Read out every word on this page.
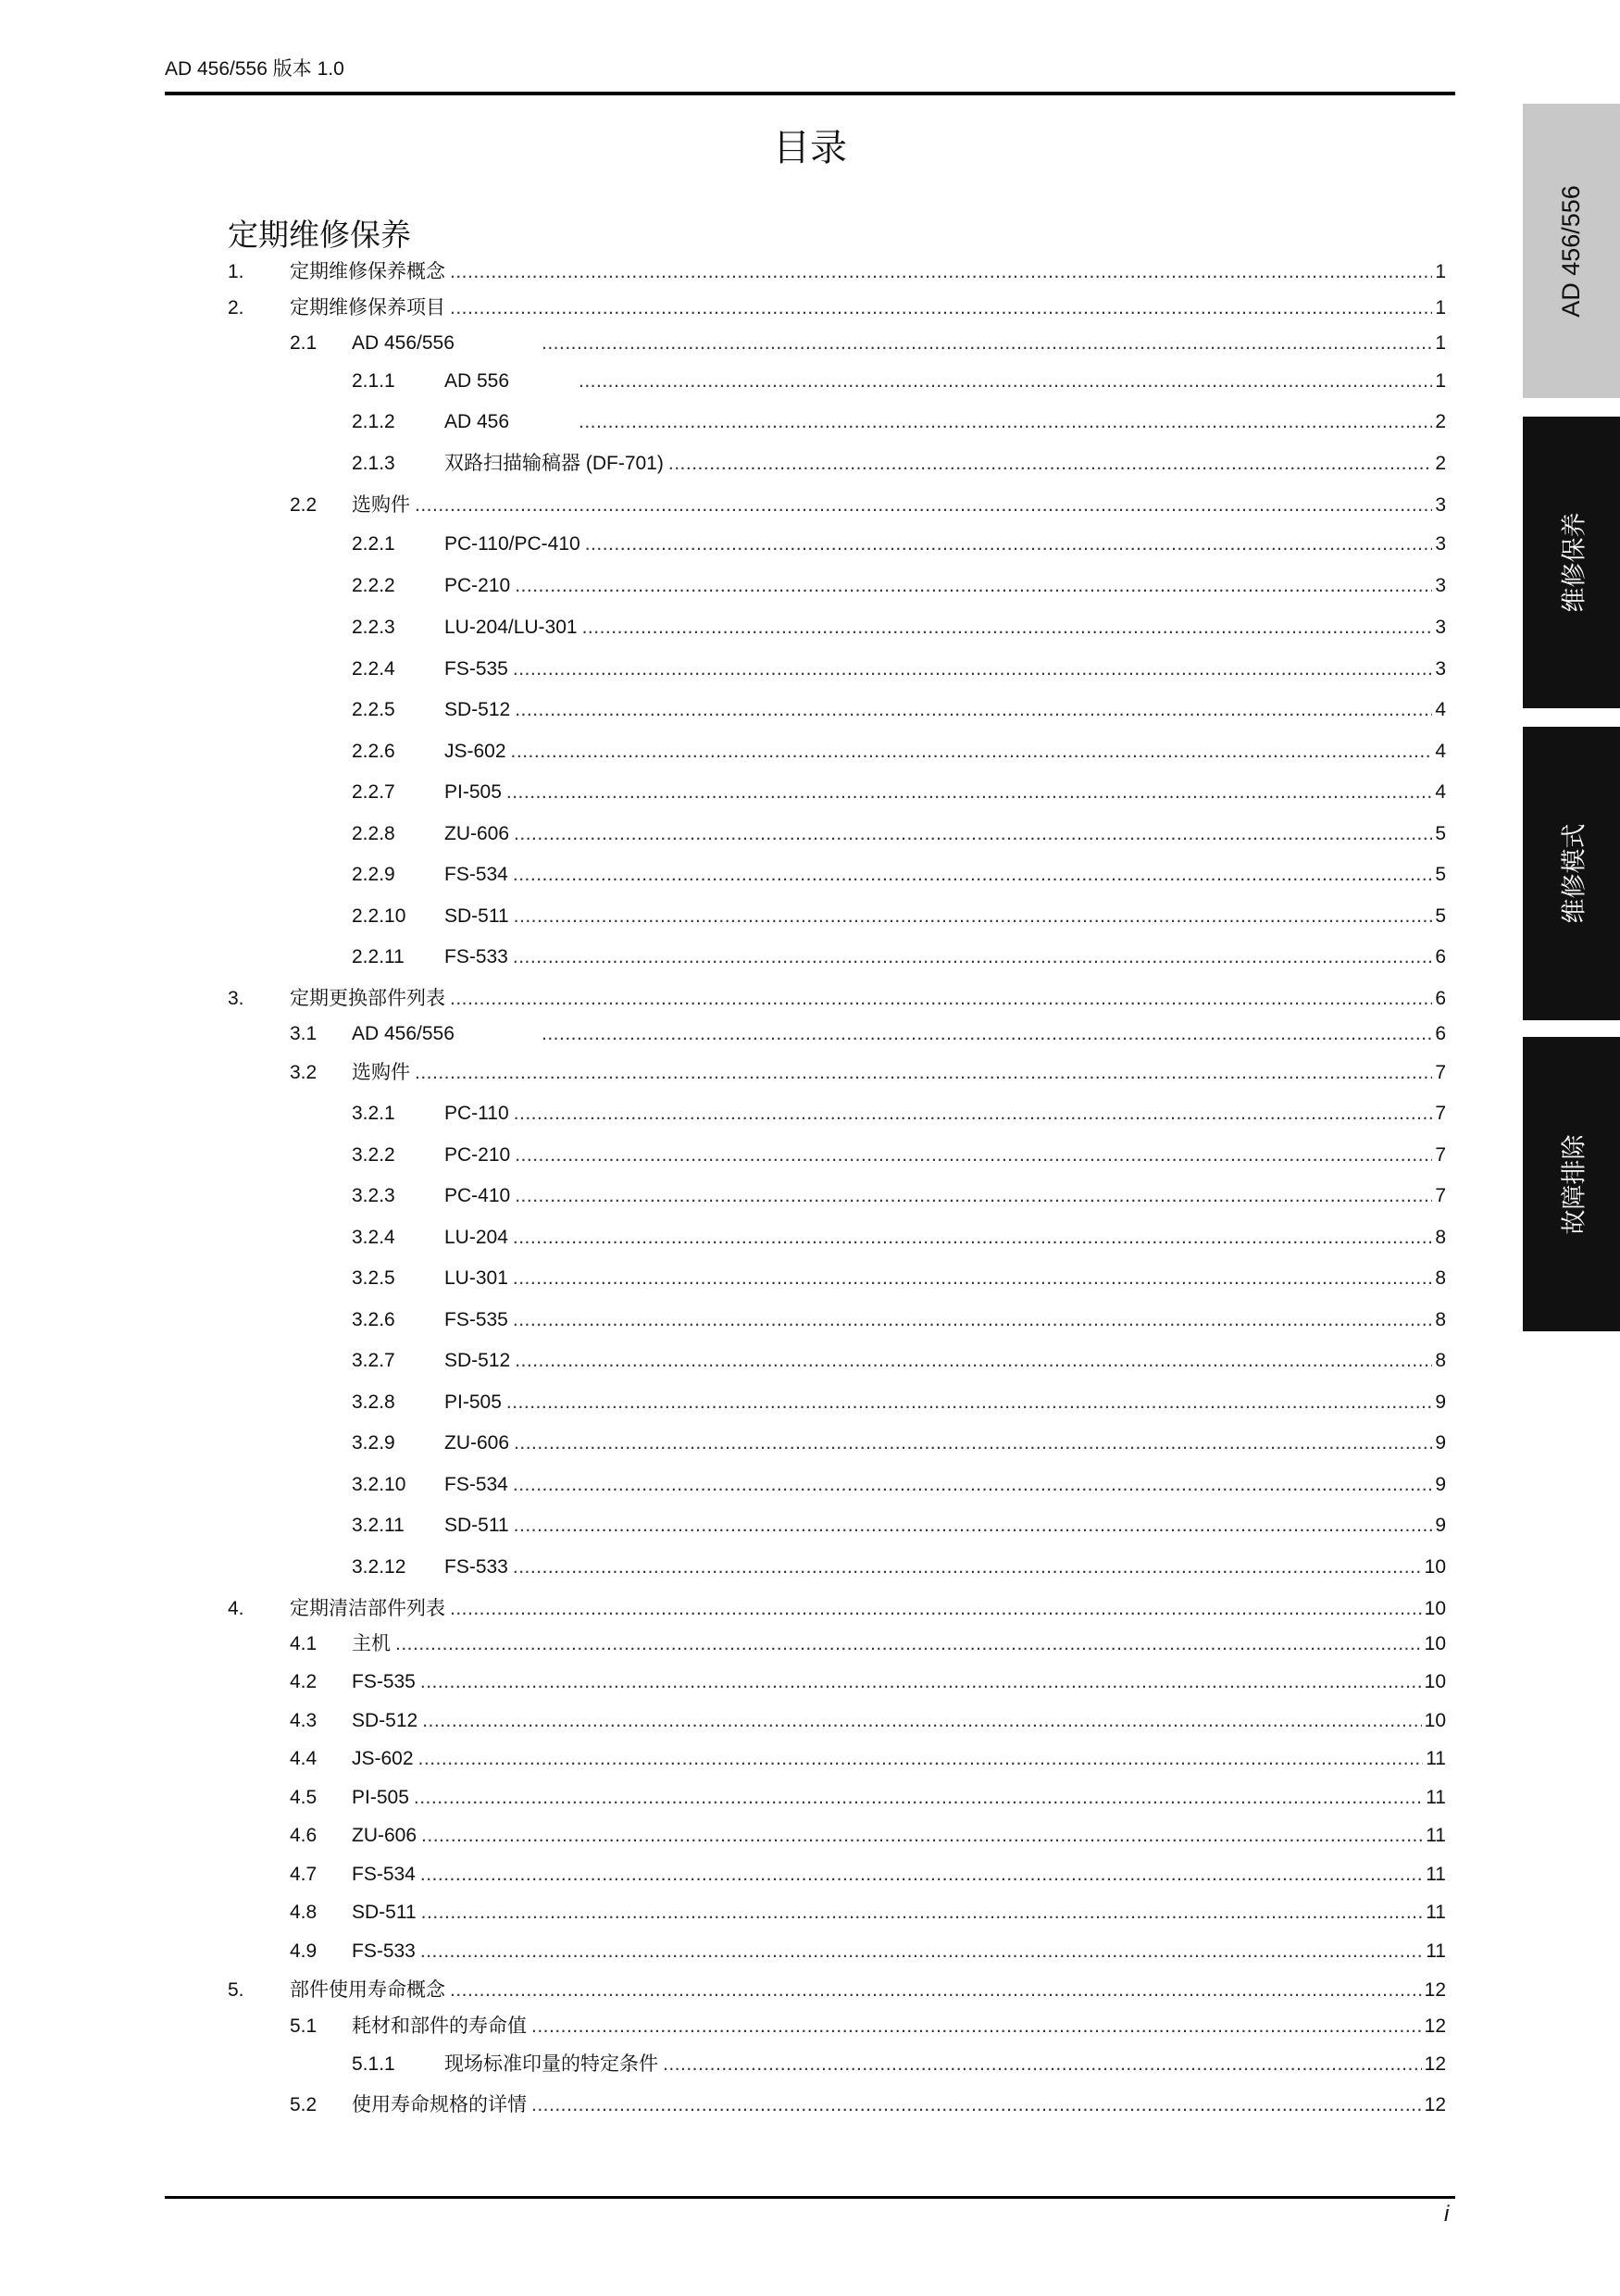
AD 456/556 版本 1.0
目录
定期维修保养
1. 定期维修保养概念 .....	1
2. 定期维修保养项目 .....	1
2.1 AD 456/556 .....	1
2.1.1	AD 556 .....	1
2.1.2	AD 456 .....	2
2.1.3	双路扫描输稿器 (DF-701) .....	2
2.2 选购件 .....	3
2.2.1	PC-110/PC-410 .....	3
2.2.2	PC-210 .....	3
2.2.3	LU-204/LU-301 .....	3
2.2.4	FS-535 .....	3
2.2.5	SD-512 .....	4
2.2.6	JS-602 .....	4
2.2.7	PI-505 .....	4
2.2.8	ZU-606 .....	5
2.2.9	FS-534 .....	5
2.2.10 SD-511 .....	5
2.2.11 FS-533 .....	6
3. 定期更换部件列表 .....	6
3.1 AD 456/556 .....	6
3.2 选购件 .....	7
3.2.1	PC-110 .....	7
3.2.2	PC-210 .....	7
3.2.3	PC-410 .....	7
3.2.4	LU-204 .....	8
3.2.5	LU-301 .....	8
3.2.6	FS-535 .....	8
3.2.7	SD-512 .....	8
3.2.8	PI-505 .....	9
3.2.9	ZU-606 .....	9
3.2.10 FS-534 .....	9
3.2.11 SD-511 .....	9
3.2.12 FS-533 .....	10
4. 定期清洁部件列表 .....	10
4.1 主机 .....	10
4.2 FS-535 .....	10
4.3 SD-512 .....	10
4.4 JS-602 .....	11
4.5 PI-505 .....	11
4.6 ZU-606 .....	11
4.7 FS-534 .....	11
4.8 SD-511 .....	11
4.9 FS-533 .....	11
5. 部件使用寿命概念 .....	12
5.1 耗材和部件的寿命值 .....	12
5.1.1	现场标准印量的特定条件 .....	12
5.2 使用寿命规格的详情 .....	12
AD 456/556
维修保养
维修模式
故障排除
i
